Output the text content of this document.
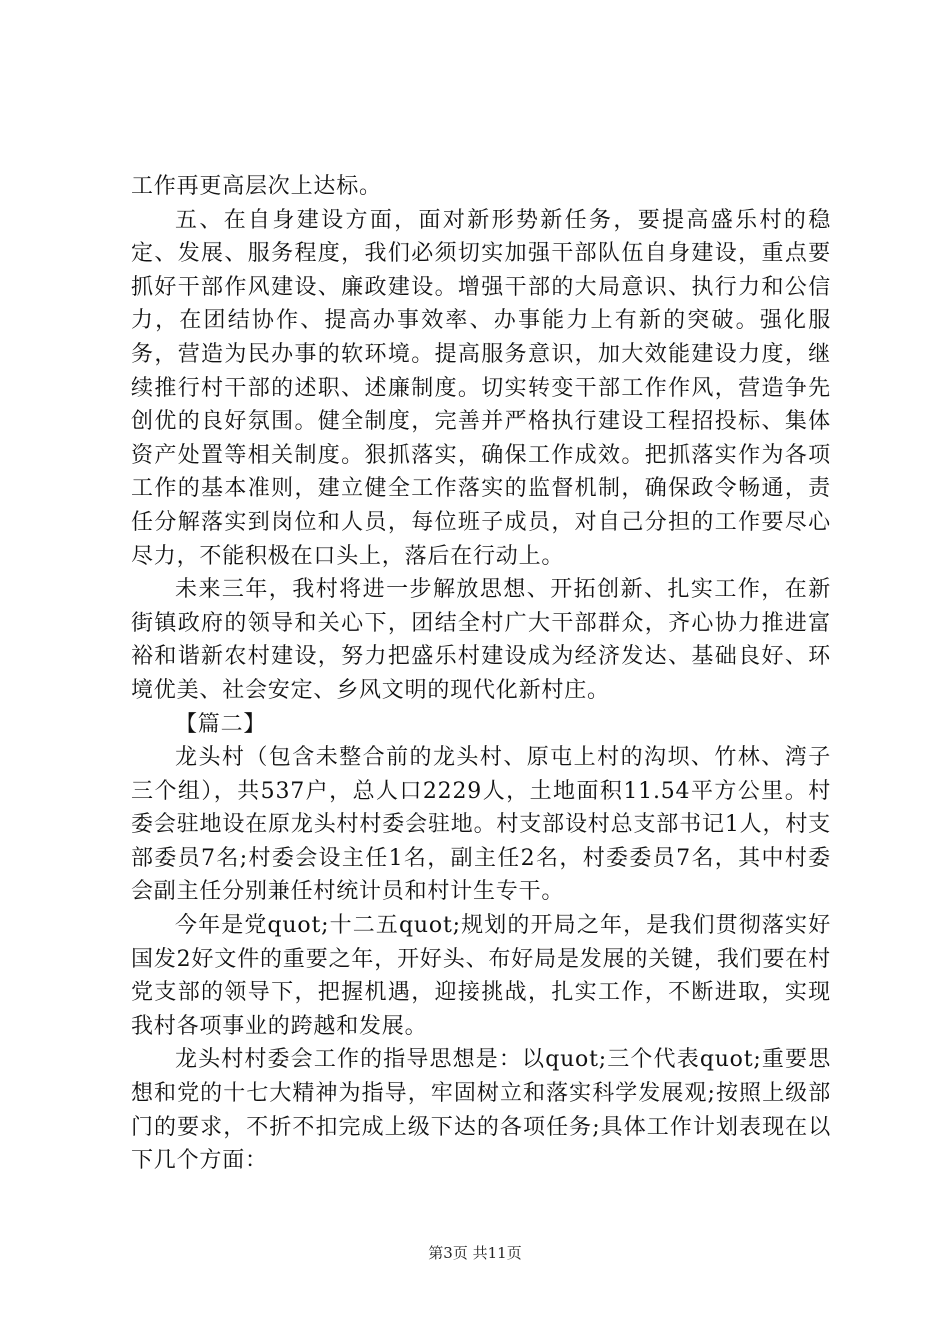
工作再更高层次上达标。

五、在自身建设方面，面对新形势新任务，要提高盛乐村的稳定、发展、服务程度，我们必须切实加强干部队伍自身建设，重点要抓好干部作风建设、廉政建设。增强干部的大局意识、执行力和公信力，在团结协作、提高办事效率、办事能力上有新的突破。强化服务，营造为民办事的软环境。提高服务意识，加大效能建设力度，继续推行村干部的述职、述廉制度。切实转变干部工作作风，营造争先创优的良好氛围。健全制度，完善并严格执行建设工程招投标、集体资产处置等相关制度。狠抓落实，确保工作成效。把抓落实作为各项工作的基本准则，建立健全工作落实的监督机制，确保政令畅通，责任分解落实到岗位和人员，每位班子成员，对自己分担的工作要尽心尽力，不能积极在口头上，落后在行动上。

未来三年，我村将进一步解放思想、开拓创新、扎实工作，在新街镇政府的领导和关心下，团结全村广大干部群众，齐心协力推进富裕和谐新农村建设，努力把盛乐村建设成为经济发达、基础良好、环境优美、社会安定、乡风文明的现代化新村庄。

【篇二】

龙头村（包含未整合前的龙头村、原屯上村的沟坝、竹林、湾子三个组），共537户，总人口2229人，土地面积11.54平方公里。村委会驻地设在原龙头村村委会驻地。村支部设村总支部书记1人，村支部委员7名;村委会设主任1名，副主任2名，村委委员7名，其中村委会副主任分别兼任村统计员和村计生专干。

今年是党quot;十二五quot;规划的开局之年，是我们贯彻落实好国发2好文件的重要之年，开好头、布好局是发展的关键，我们要在村党支部的领导下，把握机遇，迎接挑战，扎实工作，不断进取，实现我村各项事业的跨越和发展。

龙头村村委会工作的指导思想是：以quot;三个代表quot;重要思想和党的十七大精神为指导，牢固树立和落实科学发展观;按照上级部门的要求，不折不扣完成上级下达的各项任务;具体工作计划表现在以下几个方面：

第3页 共11页
